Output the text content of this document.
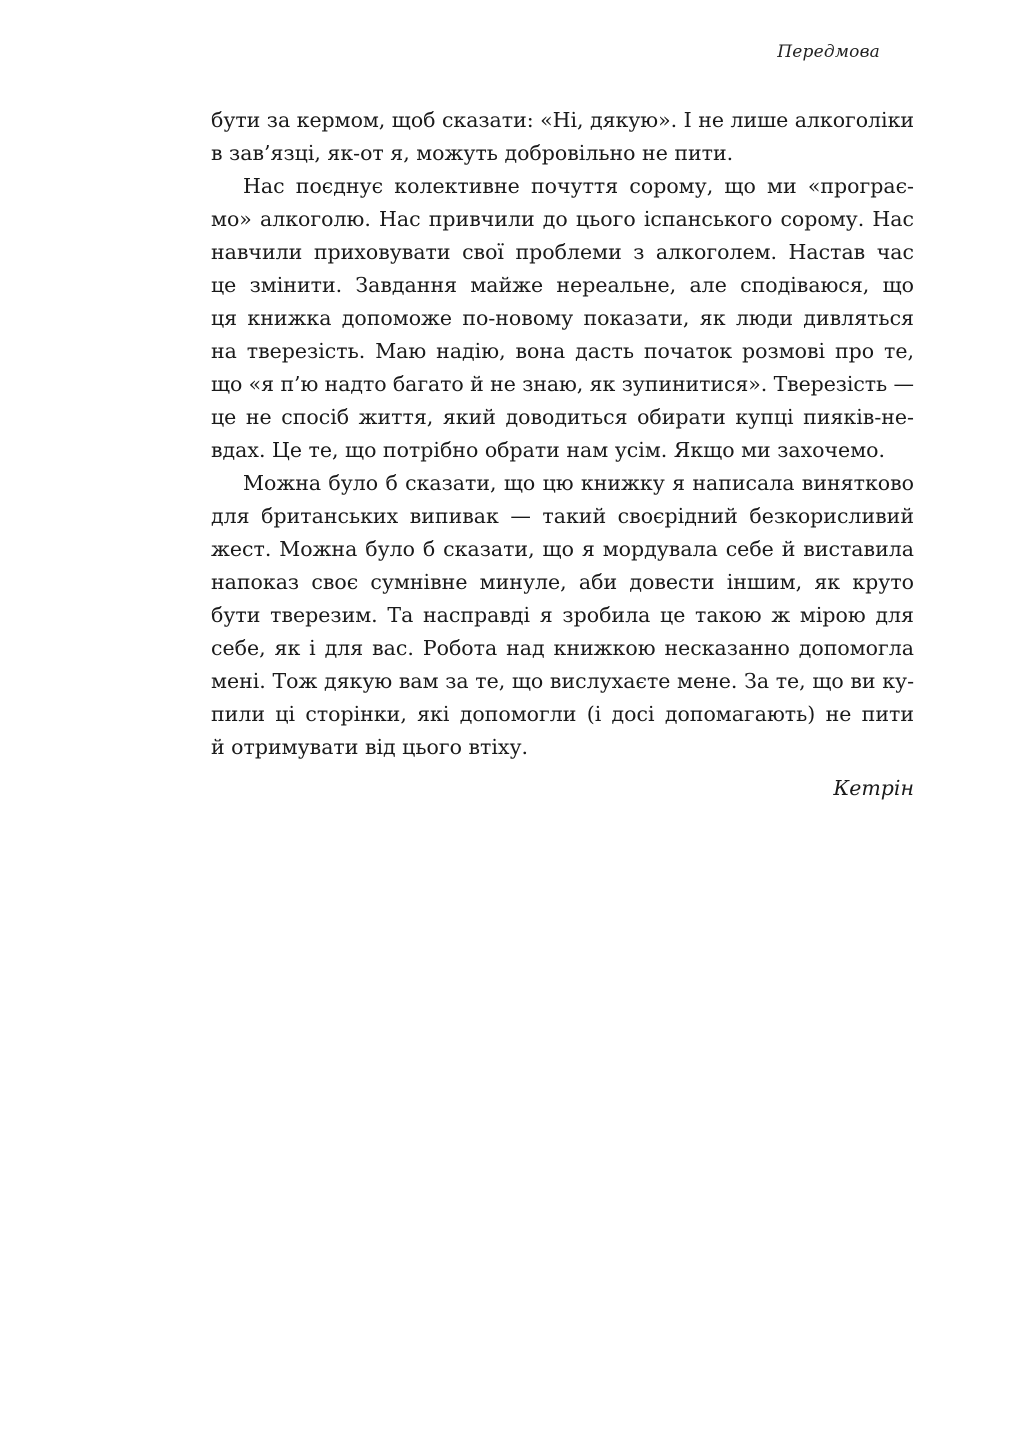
Передмова
бути за кермом, щоб сказати: «Ні, дякую». І не лише алкоголіки
в зав’язці, як-от я, можуть добровільно не пити.
Нас поєднує колективне почуття сорому, що ми «програє-
мо» алкоголю. Нас привчили до цього іспанського сорому. Нас
навчили приховувати свої проблеми з алкоголем. Настав час
це змінити. Завдання майже нереальне, але сподіваюся, що
ця книжка допоможе по-новому показати, як люди дивляться
на тверезість. Маю надію, вона дасть початок розмові про те,
що «я п’ю надто багато й не знаю, як зупинитися». Тверезість —
це не спосіб життя, який доводиться обирати купці пияків-не-
вдах. Це те, що потрібно обрати нам усім. Якщо ми захочемо.
Можна було б сказати, що цю книжку я написала винятково
для британських випивак — такий своєрідний безкорисливий
жест. Можна було б сказати, що я мордувала себе й виставила
напоказ своє сумнівне минуле, аби довести іншим, як круто
бути тверезим. Та насправді я зробила це такою ж мірою для
себе, як і для вас. Робота над книжкою несказанно допомогла
мені. Тож дякую вам за те, що вислухаєте мене. За те, що ви ку-
пили ці сторінки, які допомогли (і досі допомагають) не пити
й отримувати від цього втіху.
Кетрін
